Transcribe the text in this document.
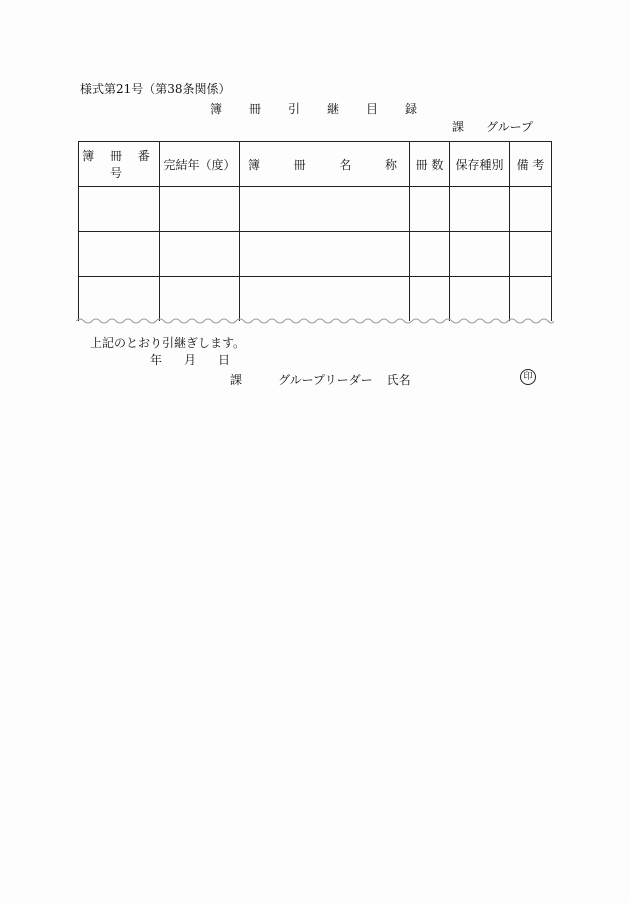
様式第21号（第38条関係）
簿 冊 引 継 目 録
課 グループ
簿 冊 番 号	完結年（度）	簿 冊 名 称	冊 数	保存種別	備 考

上記のとおり引継ぎします。
年 月 日
課	グループリーダー 氏名	印
